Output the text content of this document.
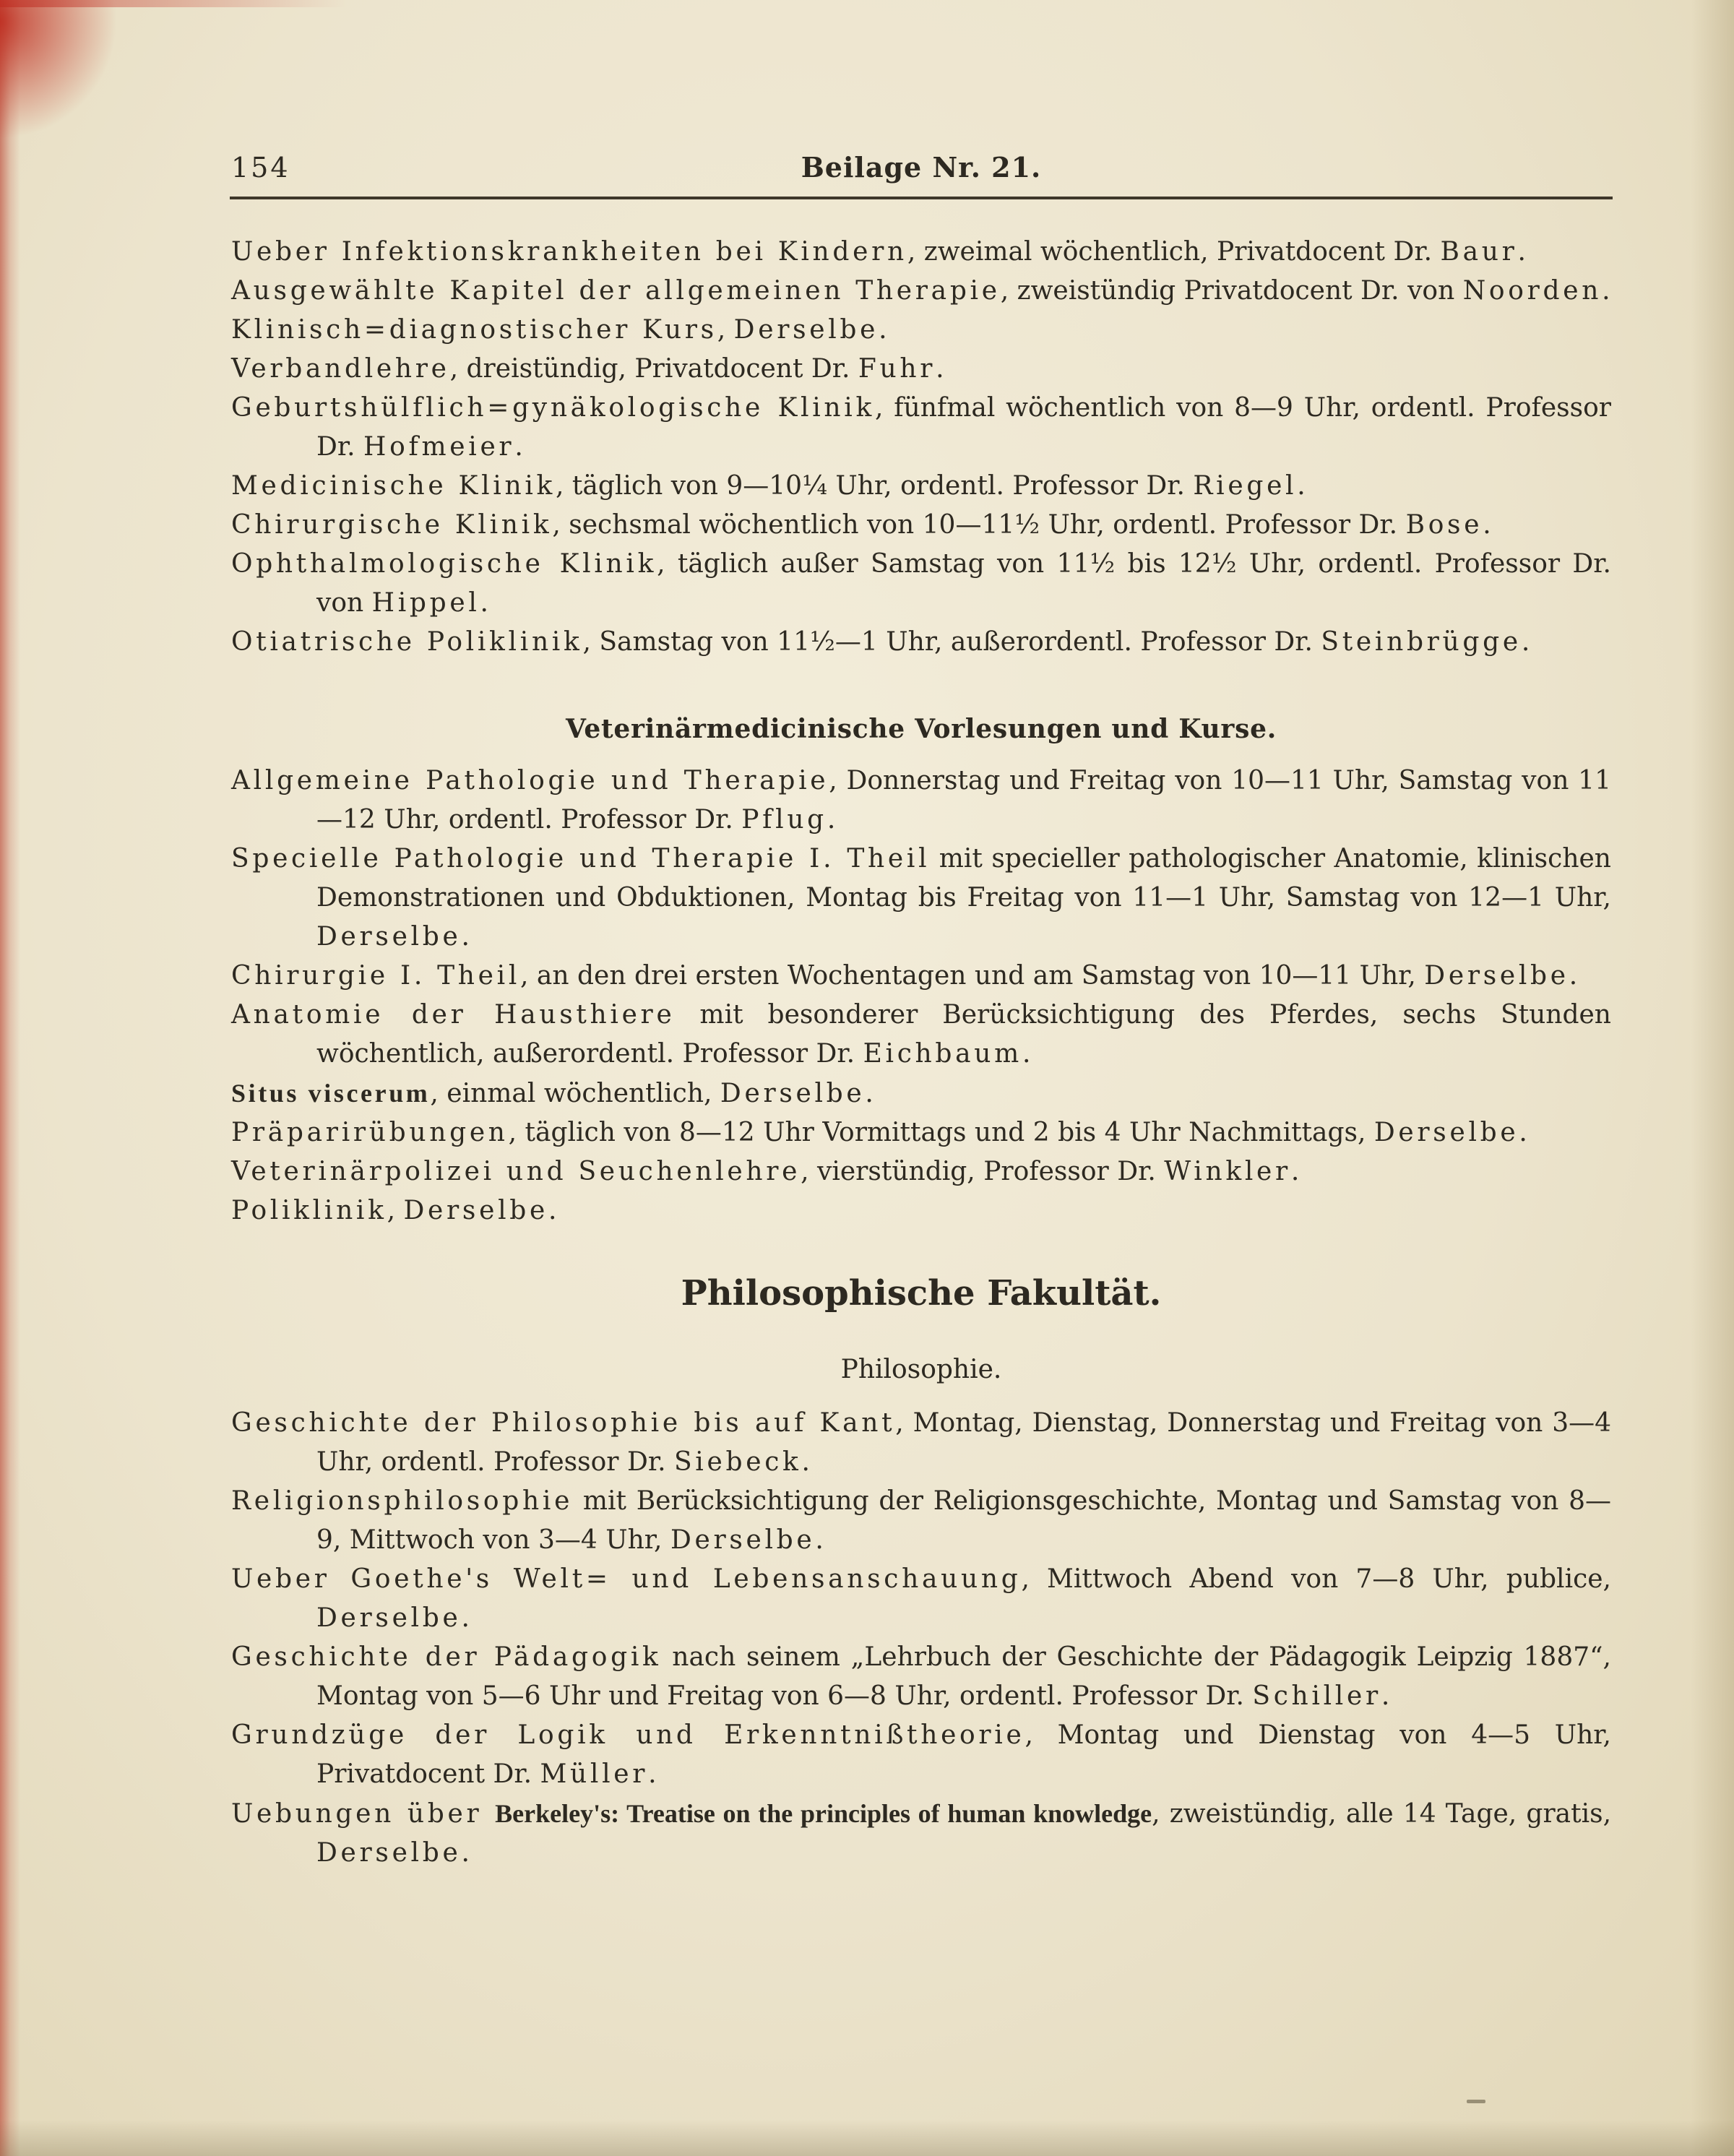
154	Beilage Nr. 21.

Ueber Infektionskrankheiten bei Kindern, zweimal wöchentlich, Privatdocent Dr. Baur.

Ausgewählte Kapitel der allgemeinen Therapie, zweistündig Privatdocent Dr. von Noorden.

Klinisch=diagnostischer Kurs, Derselbe.

Verbandlehre, dreistündig, Privatdocent Dr. Fuhr.

Geburtshülflich=gynäkologische Klinik, fünfmal wöchentlich von 8—9 Uhr, ordentl. Professor Dr. Hofmeier.

Medicinische Klinik, täglich von 9—10¼ Uhr, ordentl. Professor Dr. Riegel.

Chirurgische Klinik, sechsmal wöchentlich von 10—11½ Uhr, ordentl. Professor Dr. Bose.

Ophthalmologische Klinik, täglich außer Samstag von 11½ bis 12½ Uhr, ordentl. Professor Dr. von Hippel.

Otiatrische Poliklinik, Samstag von 11½—1 Uhr, außerordentl. Professor Dr. Steinbrügge.

Veterinärmedicinische Vorlesungen und Kurse.

Allgemeine Pathologie und Therapie, Donnerstag und Freitag von 10—11 Uhr, Samstag von 11—12 Uhr, ordentl. Professor Dr. Pflug.

Specielle Pathologie und Therapie I. Theil mit specieller pathologischer Anatomie, klinischen Demonstrationen und Obduktionen, Montag bis Freitag von 11—1 Uhr, Samstag von 12—1 Uhr, Derselbe.

Chirurgie I. Theil, an den drei ersten Wochentagen und am Samstag von 10—11 Uhr, Derselbe.

Anatomie der Hausthiere mit besonderer Berücksichtigung des Pferdes, sechs Stunden wöchentlich, außerordentl. Professor Dr. Eichbaum.

Situs viscerum, einmal wöchentlich, Derselbe.

Präparirübungen, täglich von 8—12 Uhr Vormittags und 2 bis 4 Uhr Nachmittags, Derselbe.

Veterinärpolizei und Seuchenlehre, vierstündig, Professor Dr. Winkler.

Poliklinik, Derselbe.

Philosophische Fakultät.
Philosophie.

Geschichte der Philosophie bis auf Kant, Montag, Dienstag, Donnerstag und Freitag von 3—4 Uhr, ordentl. Professor Dr. Siebeck.

Religionsphilosophie mit Berücksichtigung der Religionsgeschichte, Montag und Samstag von 8—9, Mittwoch von 3—4 Uhr, Derselbe.

Ueber Goethe's Welt= und Lebensanschauung, Mittwoch Abend von 7—8 Uhr, publice, Derselbe.

Geschichte der Pädagogik nach seinem „Lehrbuch der Geschichte der Pädagogik Leipzig 1887“, Montag von 5—6 Uhr und Freitag von 6—8 Uhr, ordentl. Professor Dr. Schiller.

Grundzüge der Logik und Erkenntnißtheorie, Montag und Dienstag von 4—5 Uhr, Privatdocent Dr. Müller.

Uebungen über Berkeley's: Treatise on the principles of human knowledge, zweistündig, alle 14 Tage, gratis, Derselbe.
